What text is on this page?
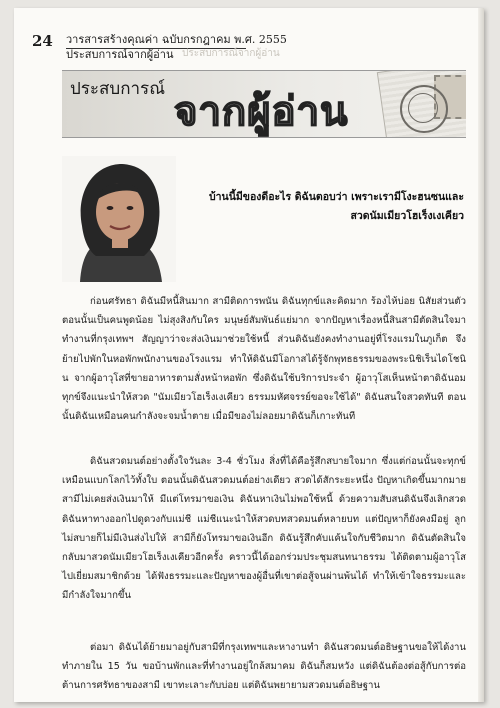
24 วารสารสร้างคุณค่า ฉบับกรกฎาคม พ.ศ. 2555
ประสบการณ์จากผู้อ่าน ประสบการณ์จากผู้อ่าน
ประสบการณ์ จากผู้อ่าน
บ้านนี้มีของดีอะไร ดิฉันตอบว่า เพราะเรามีโงะฮนซนและสวดนัมเมียวโฮเร็งเงเคียว

ก่อนศรัทธา ดิฉันมีหนี้สินมาก สามีติดการพนัน ดิฉันทุกข์และคิดมาก ร้องไห้บ่อย นิสัยส่วนตัวตอนนั้นเป็นคนพูดน้อย ไม่สุงสิงกับใคร มนุษย์สัมพันธ์แย่มาก จากปัญหาเรื่องหนี้สินสามีตัดสินใจมาทำงานที่กรุงเทพฯ สัญญาว่าจะส่งเงินมาช่วยใช้หนี้ ส่วนดิฉันยังคงทำงานอยู่ที่โรงแรมในภูเก็ต จึงย้ายไปพักในหอพักพนักงานของโรงแรม ทำให้ดิฉันมีโอกาสได้รู้จักพุทธธรรมของพระนิชิเร็นไดโชนิน จากผู้อาวุโสที่ขายอาหารตามสั่งหน้าหอพัก ซึ่งดิฉันใช้บริการประจำ ผู้อาวุโสเห็นหน้าตาดิฉันอมทุกข์จึงแนะนำให้สวด "นัมเมียวโฮเร็งเงเคียว ธรรมมหัศจรรย์ขอจะใช้ได้" ดิฉันสนใจสวดทันที ตอนนั้นดิฉันเหมือนคนกำลังจะจมน้ำตาย เมื่อมีของไม่ลอยมาดิฉันก็เกาะทันที

ดิฉันสวดมนต์อย่างตั้งใจวันละ 3-4 ชั่วโมง สิ่งที่ได้คือรู้สึกสบายใจมาก ซึ่งแต่ก่อนนั้นจะทุกข์เหมือนแบกโลกไว้ทั้งใบ ตอนนั้นดิฉันสวดมนต์อย่างเดียว สวดได้สักระยะหนึ่ง ปัญหาเกิดขึ้นมากมาย สามีไม่เคยส่งเงินมาให้ มีแต่โทรมาขอเงิน ดิฉันหาเงินไม่พอใช้หนี้ ด้วยความสับสนดิฉันจึงเลิกสวด ดิฉันหาทางออกไปดูดวงกับแม่ชี แม่ชีแนะนำให้สวดบทสวดมนต์หลายบท แต่ปัญหาก็ยังคงมีอยู่ ลูกไม่สบายก็ไม่มีเงินส่งไปให้ สามีก็ยังโทรมาขอเงินอีก ดิฉันรู้สึกคับแค้นใจกับชีวิตมาก ดิฉันตัดสินใจกลับมาสวดนัมเมียวโฮเร็งเงเคียวอีกครั้ง คราวนี้ได้ออกร่วมประชุมสนทนาธรรม ได้ติดตามผู้อาวุโสไปเยี่ยมสมาชิกด้วย ได้ฟังธรรมะและปัญหาของผู้อื่นที่เขาต่อสู้จนผ่านพ้นได้ ทำให้เข้าใจธรรมะและมีกำลังใจมากขึ้น

ต่อมา ดิฉันได้ย้ายมาอยู่กับสามีที่กรุงเทพฯและหางานทำ ดิฉันสวดมนต์อธิษฐานขอให้ได้งานทำภายใน 15 วัน ขอบ้านพักและที่ทำงานอยู่ใกล้สมาคม ดิฉันก็สมหวัง แต่ดิฉันต้องต่อสู้กับการต่อต้านการศรัทธาของสามี เขาทะเลาะกับบ่อย แต่ดิฉันพยายามสวดมนต์อธิษฐาน
